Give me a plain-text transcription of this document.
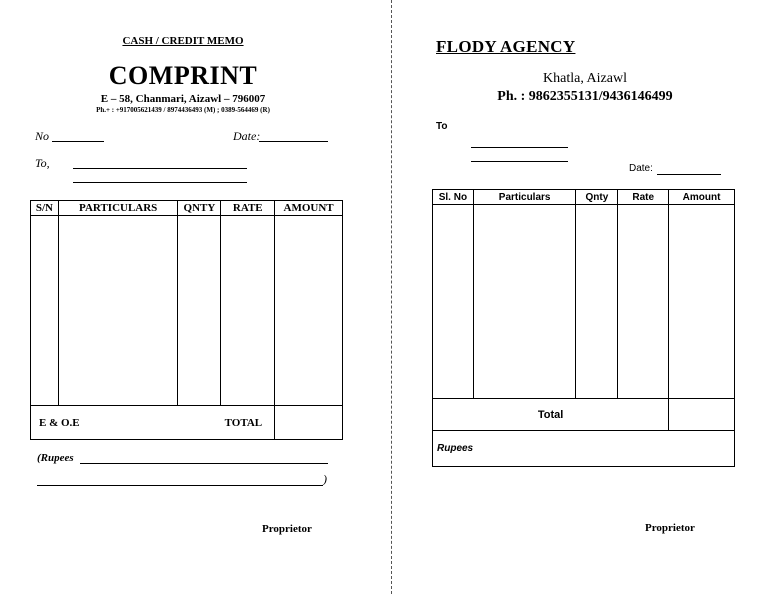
CASH / CREDIT MEMO
COMPRINT
E – 58, Chanmari, Aizawl – 796007
Ph.+ : +917005621439 / 8974436493 (M) ; 0389-564469 (R)
No	Date:
To,
S/N	PARTICULARS	QNTY	RATE	AMOUNT

E & O.E TOTAL				

(Rupees
)
Proprietor
FLODY AGENCY
Khatla, Aizawl
Ph. : 9862355131/9436146499
To
Date:
Sl. No	Particulars	Qnty	Rate	Amount

Total				
Rupees				
Proprietor
